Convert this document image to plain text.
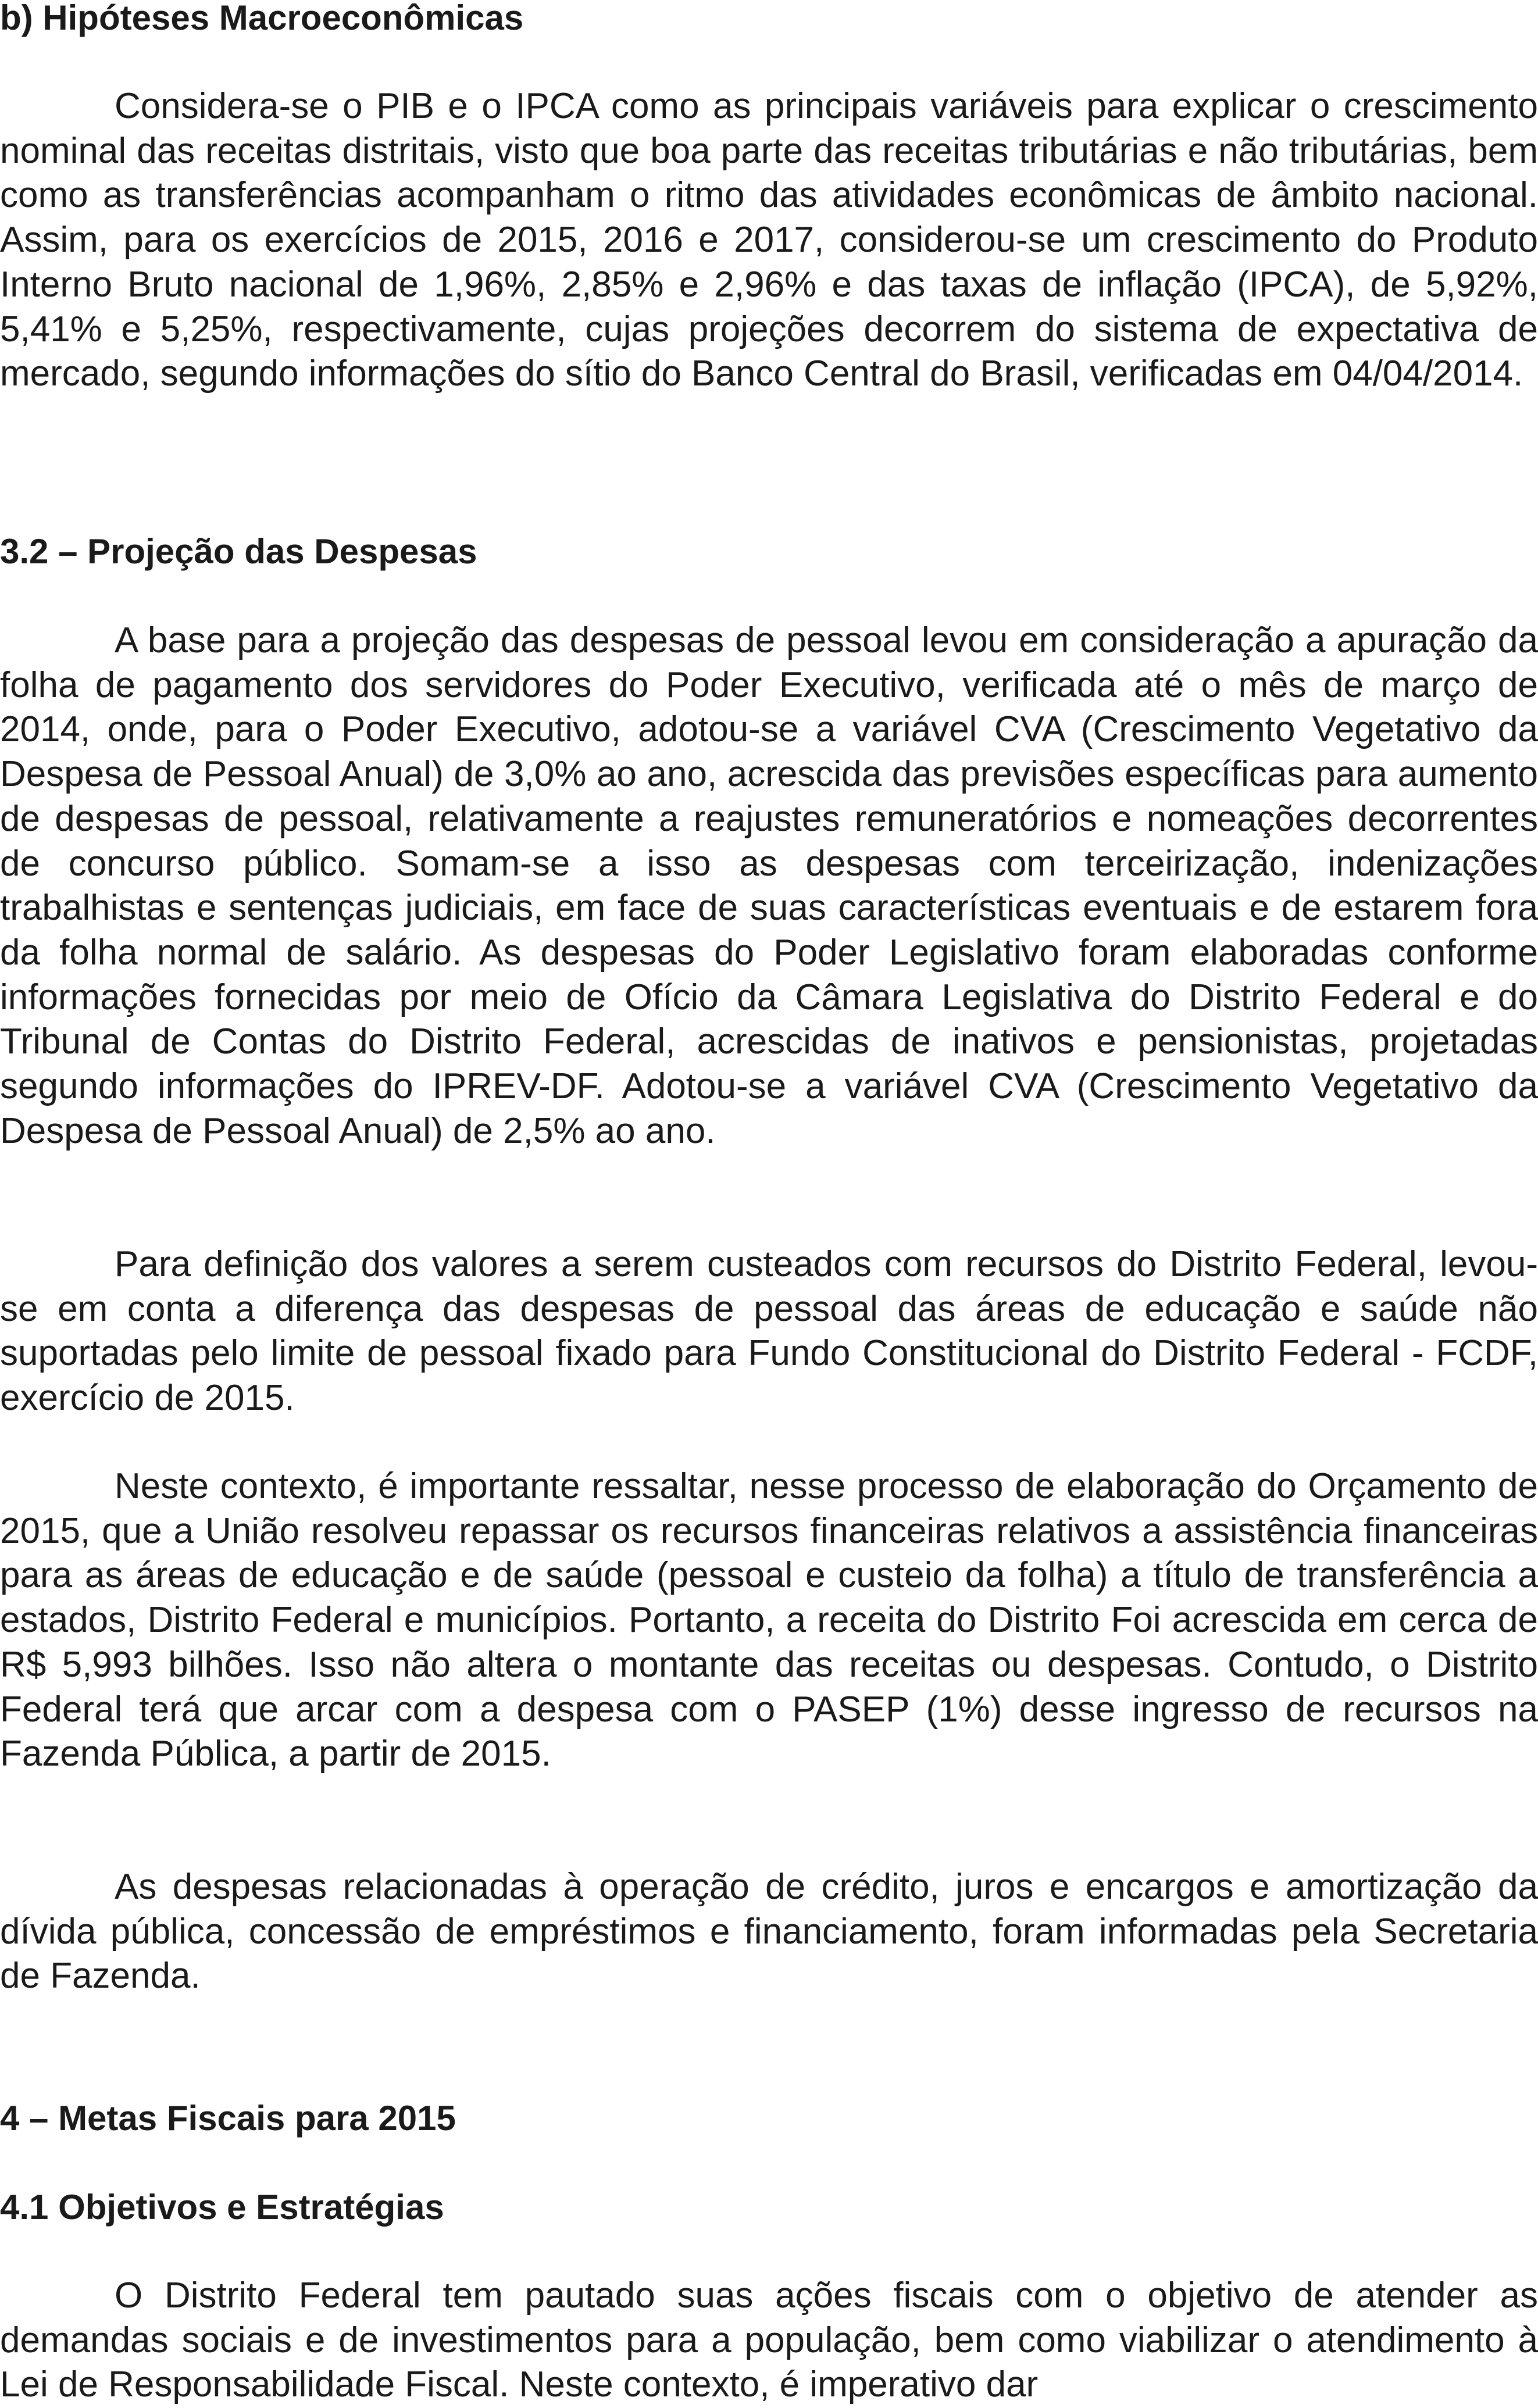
b) Hipóteses Macroeconômicas

Considera-se o PIB e o IPCA como as principais variáveis para explicar o crescimento nominal das receitas distritais, visto que boa parte das receitas tributárias e não tributárias, bem como as transferências acompanham o ritmo das atividades econômicas de âmbito nacional. Assim, para os exercícios de 2015, 2016 e 2017, considerou-se um crescimento do Produto Interno Bruto nacional de 1,96%, 2,85% e 2,96% e das taxas de inflação (IPCA), de 5,92%, 5,41% e 5,25%, respectivamente, cujas projeções decorrem do sistema de expectativa de mercado, segundo informações do sítio do Banco Central do Brasil, verificadas em 04/04/2014.

3.2 – Projeção das Despesas

A base para a projeção das despesas de pessoal levou em consideração a apuração da folha de pagamento dos servidores do Poder Executivo, verificada até o mês de março de 2014, onde, para o Poder Executivo, adotou-se a variável CVA (Crescimento Vegetativo da Despesa de Pessoal Anual) de 3,0% ao ano, acrescida das previsões específicas para aumento de despesas de pessoal, relativamente a reajustes remuneratórios e nomeações decorrentes de concurso público. Somam-se a isso as despesas com terceirização, indenizações trabalhistas e sentenças judiciais, em face de suas características eventuais e de estarem fora da folha normal de salário. As despesas do Poder Legislativo foram elaboradas conforme informações fornecidas por meio de Ofício da Câmara Legislativa do Distrito Federal e do Tribunal de Contas do Distrito Federal, acrescidas de inativos e pensionistas, projetadas segundo informações do IPREV-DF. Adotou-se a variável CVA (Crescimento Vegetativo da Despesa de Pessoal Anual) de 2,5% ao ano.

Para definição dos valores a serem custeados com recursos do Distrito Federal, levou-se em conta a diferença das despesas de pessoal das áreas de educação e saúde não suportadas pelo limite de pessoal fixado para Fundo Constitucional do Distrito Federal - FCDF, exercício de 2015.

Neste contexto, é importante ressaltar, nesse processo de elaboração do Orçamento de 2015, que a União resolveu repassar os recursos financeiras relativos a assistência financeiras para as áreas de educação e de saúde (pessoal e custeio da folha) a título de transferência a estados, Distrito Federal e municípios. Portanto, a receita do Distrito Foi acrescida em cerca de R$ 5,993 bilhões. Isso não altera o montante das receitas ou despesas. Contudo, o Distrito Federal terá que arcar com a despesa com o PASEP (1%) desse ingresso de recursos na Fazenda Pública, a partir de 2015.

As despesas relacionadas à operação de crédito, juros e encargos e amortização da dívida pública, concessão de empréstimos e financiamento, foram informadas pela Secretaria de Fazenda.

4 – Metas Fiscais para 2015
4.1 Objetivos e Estratégias

O Distrito Federal tem pautado suas ações fiscais com o objetivo de atender as demandas sociais e de investimentos para a população, bem como viabilizar o atendimento à Lei de Responsabilidade Fiscal. Neste contexto, é imperativo dar
